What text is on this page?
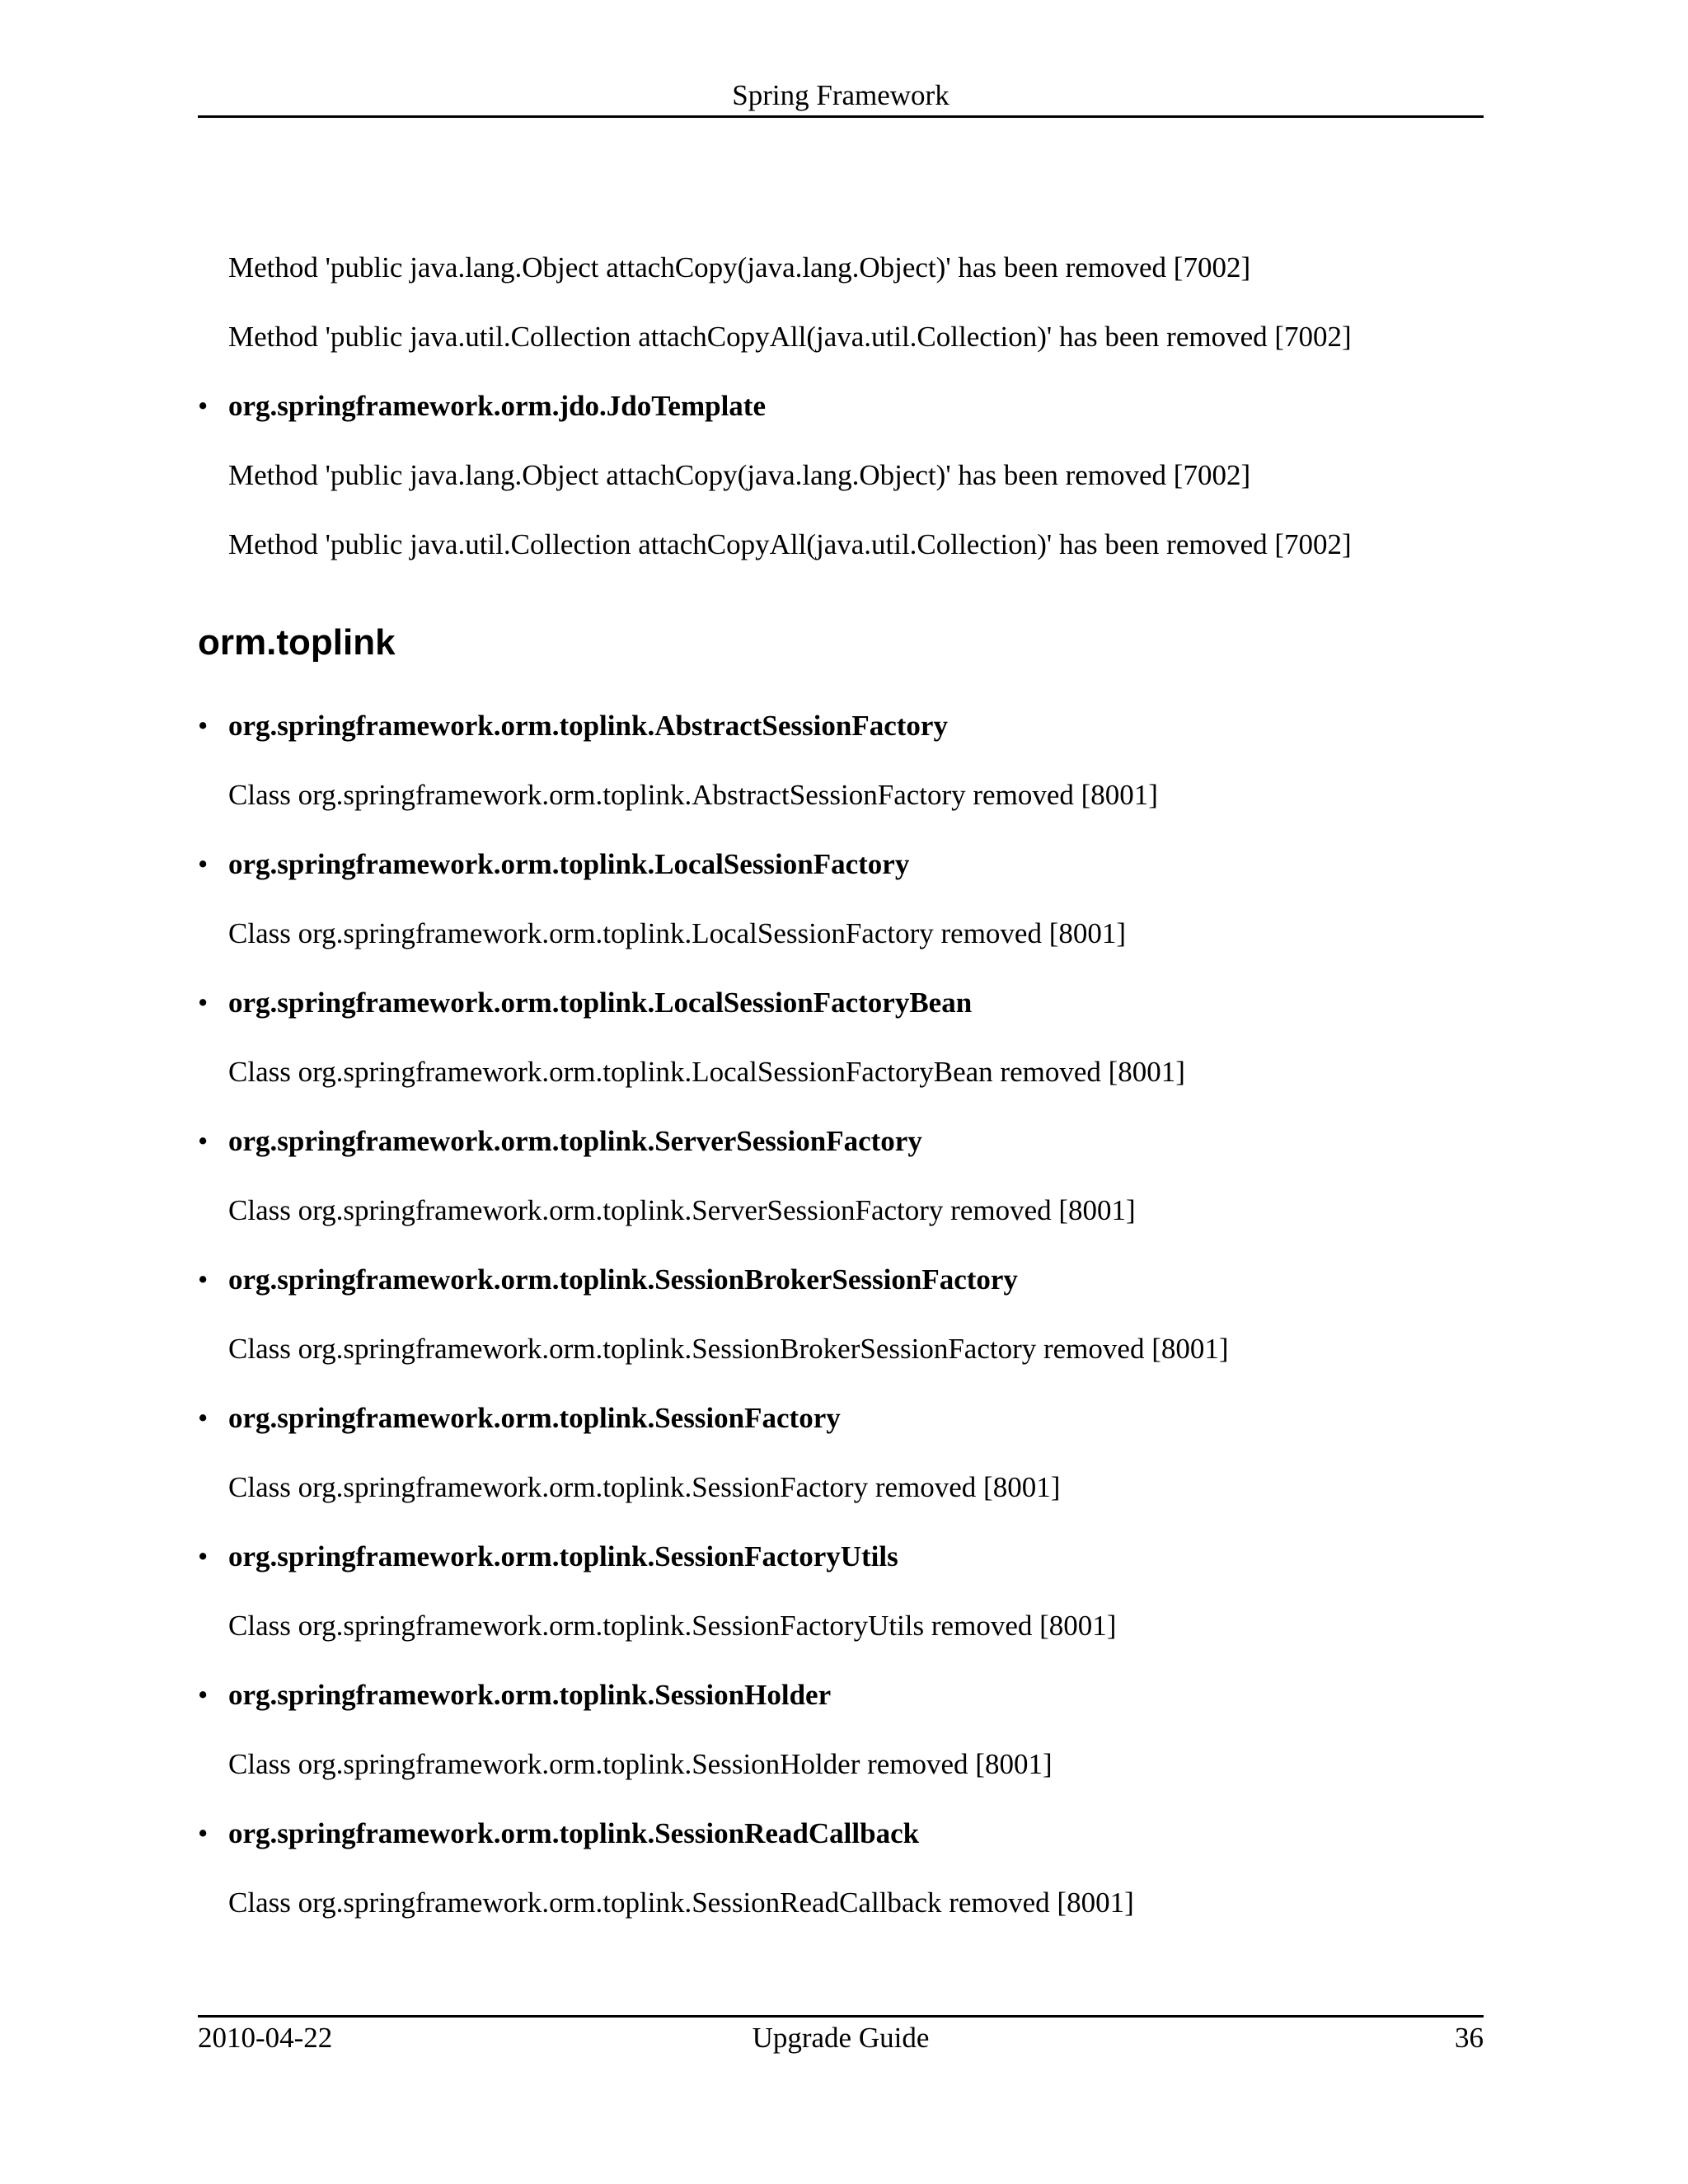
Spring Framework

Method 'public java.lang.Object attachCopy(java.lang.Object)' has been removed [7002]

Method 'public java.util.Collection attachCopyAll(java.util.Collection)' has been removed [7002]

• org.springframework.orm.jdo.JdoTemplate

Method 'public java.lang.Object attachCopy(java.lang.Object)' has been removed [7002]

Method 'public java.util.Collection attachCopyAll(java.util.Collection)' has been removed [7002]

orm.toplink
• org.springframework.orm.toplink.AbstractSessionFactory

Class org.springframework.orm.toplink.AbstractSessionFactory removed [8001]

• org.springframework.orm.toplink.LocalSessionFactory

Class org.springframework.orm.toplink.LocalSessionFactory removed [8001]

• org.springframework.orm.toplink.LocalSessionFactoryBean

Class org.springframework.orm.toplink.LocalSessionFactoryBean removed [8001]

• org.springframework.orm.toplink.ServerSessionFactory

Class org.springframework.orm.toplink.ServerSessionFactory removed [8001]

• org.springframework.orm.toplink.SessionBrokerSessionFactory

Class org.springframework.orm.toplink.SessionBrokerSessionFactory removed [8001]

• org.springframework.orm.toplink.SessionFactory

Class org.springframework.orm.toplink.SessionFactory removed [8001]

• org.springframework.orm.toplink.SessionFactoryUtils

Class org.springframework.orm.toplink.SessionFactoryUtils removed [8001]

• org.springframework.orm.toplink.SessionHolder

Class org.springframework.orm.toplink.SessionHolder removed [8001]

• org.springframework.orm.toplink.SessionReadCallback

Class org.springframework.orm.toplink.SessionReadCallback removed [8001]

2010-04-22	Upgrade Guide	36
